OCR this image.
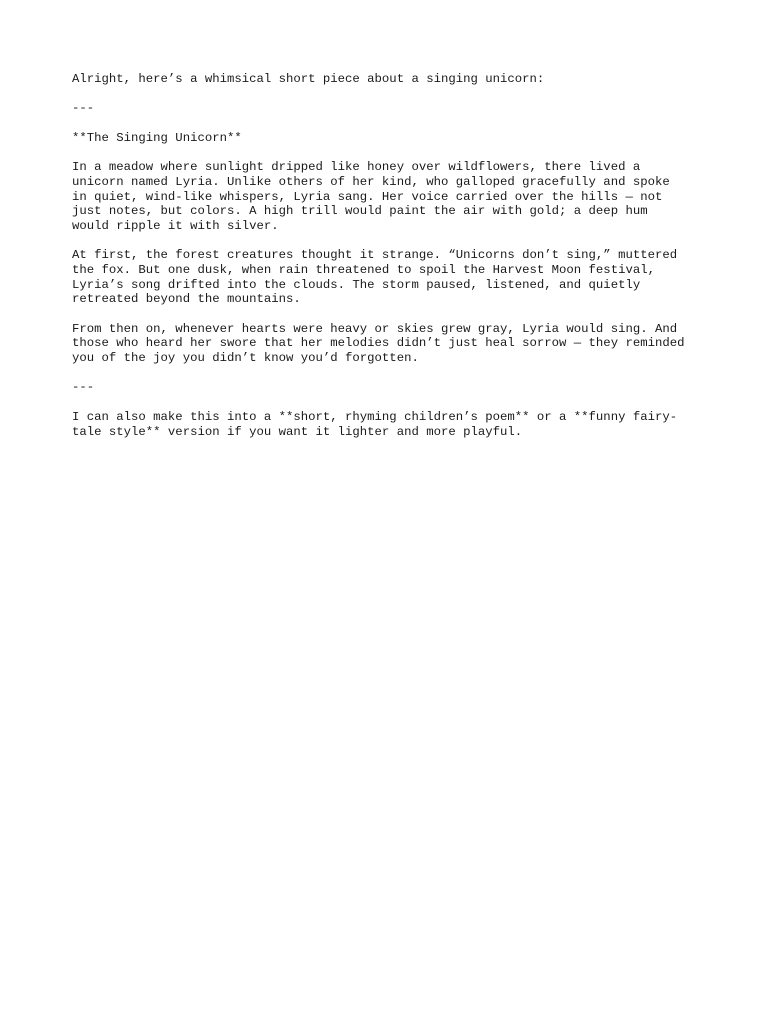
Alright, here’s a whimsical short piece about a singing unicorn:
---
**The Singing Unicorn**
In a meadow where sunlight dripped like honey over wildflowers, there lived a
unicorn named Lyria. Unlike others of her kind, who galloped gracefully and spoke
in quiet, wind-like whispers, Lyria sang. Her voice carried over the hills — not
just notes, but colors. A high trill would paint the air with gold; a deep hum
would ripple it with silver.
At first, the forest creatures thought it strange. “Unicorns don’t sing,” muttered
the fox. But one dusk, when rain threatened to spoil the Harvest Moon festival,
Lyria’s song drifted into the clouds. The storm paused, listened, and quietly
retreated beyond the mountains.
From then on, whenever hearts were heavy or skies grew gray, Lyria would sing. And
those who heard her swore that her melodies didn’t just heal sorrow — they reminded
you of the joy you didn’t know you’d forgotten.
---
I can also make this into a **short, rhyming children’s poem** or a **funny fairy-
tale style** version if you want it lighter and more playful.
